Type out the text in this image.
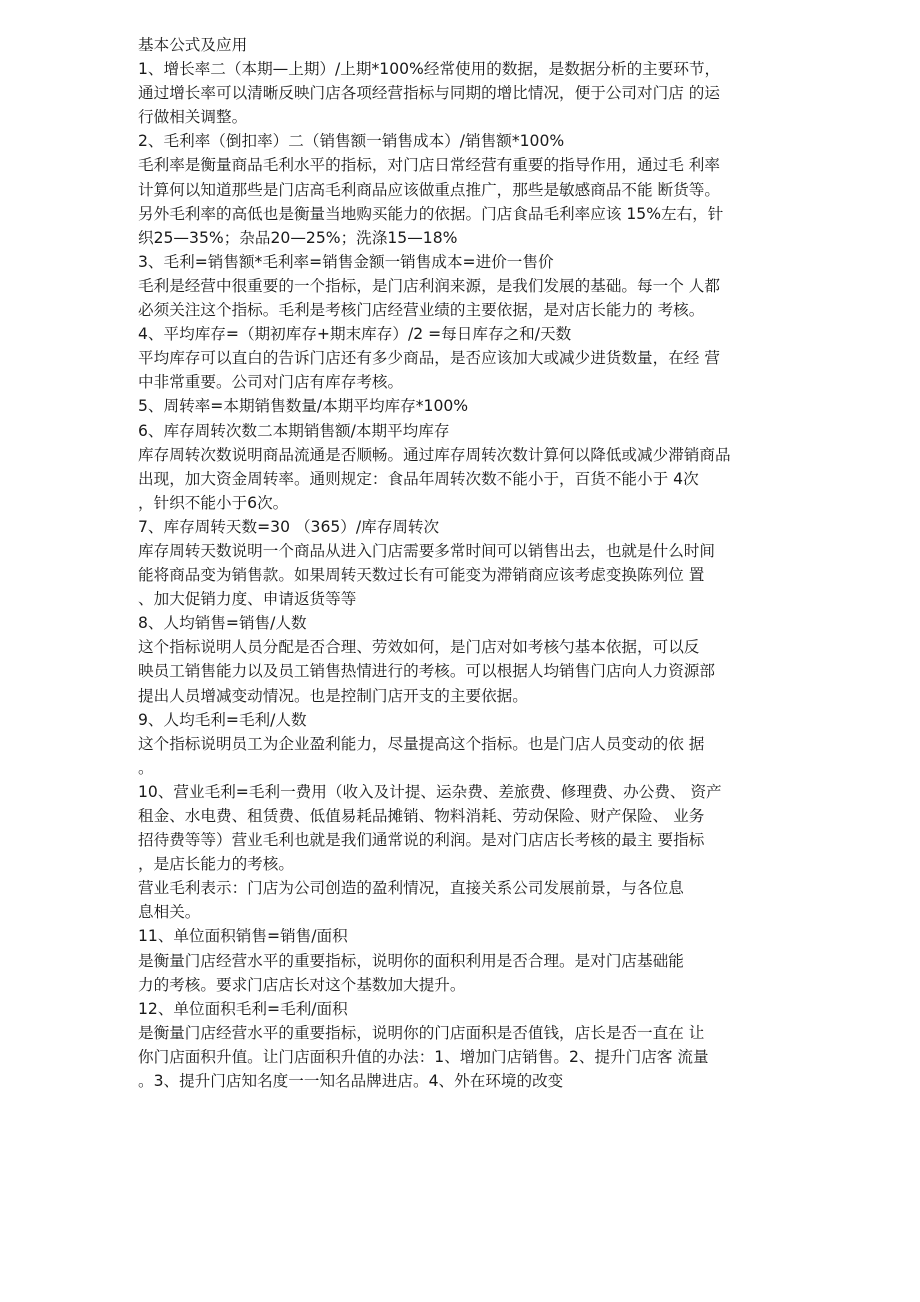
基本公式及应用
1、增长率二（本期—上期）/上期*100%经常使用的数据，是数据分析的主要环节，
通过增长率可以清晰反映门店各项经营指标与同期的增比情况，便于公司对门店 的运
行做相关调整。
2、毛利率（倒扣率）二（销售额一销售成本）/销售额*100%
毛利率是衡量商品毛利水平的指标，对门店日常经营有重要的指导作用，通过毛 利率
计算何以知道那些是门店高毛利商品应该做重点推广，那些是敏感商品不能 断货等。
另外毛利率的高低也是衡量当地购买能力的依据。门店食品毛利率应该 15%左右，针
织25—35%；杂品20—25%；洗涤15—18%
3、毛利=销售额*毛利率=销售金额一销售成本=进价一售价
毛利是经营中很重要的一个指标，是门店利润来源，是我们发展的基础。每一个 人都
必须关注这个指标。毛利是考核门店经营业绩的主要依据，是对店长能力的 考核。
4、平均库存=（期初库存+期末库存）/2 =每日库存之和/天数
平均库存可以直白的告诉门店还有多少商品，是否应该加大或减少进货数量，在经 营
中非常重要。公司对门店有库存考核。
5、周转率=本期销售数量/本期平均库存*100%
6、库存周转次数二本期销售额/本期平均库存
库存周转次数说明商品流通是否顺畅。通过库存周转次数计算何以降低或减少滞销商品
出现，加大资金周转率。通则规定：食品年周转次数不能小于，百货不能小于 4次
，针织不能小于6次。
7、库存周转天数=30 （365）/库存周转次
库存周转天数说明一个商品从进入门店需要多常时间可以销售出去，也就是什么时间
能将商品变为销售款。如果周转天数过长有可能变为滞销商应该考虑变换陈列位 置
、加大促销力度、申请返货等等
8、人均销售=销售/人数
这个指标说明人员分配是否合理、劳效如何，是门店对如考核勺基本依据，可以反
映员工销售能力以及员工销售热情进行的考核。可以根据人均销售门店向人力资源部
提出人员增减变动情况。也是控制门店开支的主要依据。
9、人均毛利=毛利/人数
这个指标说明员工为企业盈利能力，尽量提高这个指标。也是门店人员变动的依 据
。
10、营业毛利=毛利一费用（收入及计提、运杂费、差旅费、修理费、办公费、 资产
租金、水电费、租赁费、低值易耗品摊销、物料消耗、劳动保险、财产保险、 业务
招待费等等）营业毛利也就是我们通常说的利润。是对门店店长考核的最主 要指标
，是店长能力的考核。
营业毛利表示：门店为公司创造的盈利情况，直接关系公司发展前景，与各位息
息相关。
11、单位面积销售=销售/面积
是衡量门店经营水平的重要指标，说明你的面积利用是否合理。是对门店基础能
力的考核。要求门店店长对这个基数加大提升。
12、单位面积毛利=毛利/面积
是衡量门店经营水平的重要指标，说明你的门店面积是否值钱，店长是否一直在 让
你门店面积升值。让门店面积升值的办法：1、增加门店销售。2、提升门店客 流量
。3、提升门店知名度一一知名品牌进店。4、外在环境的改变
